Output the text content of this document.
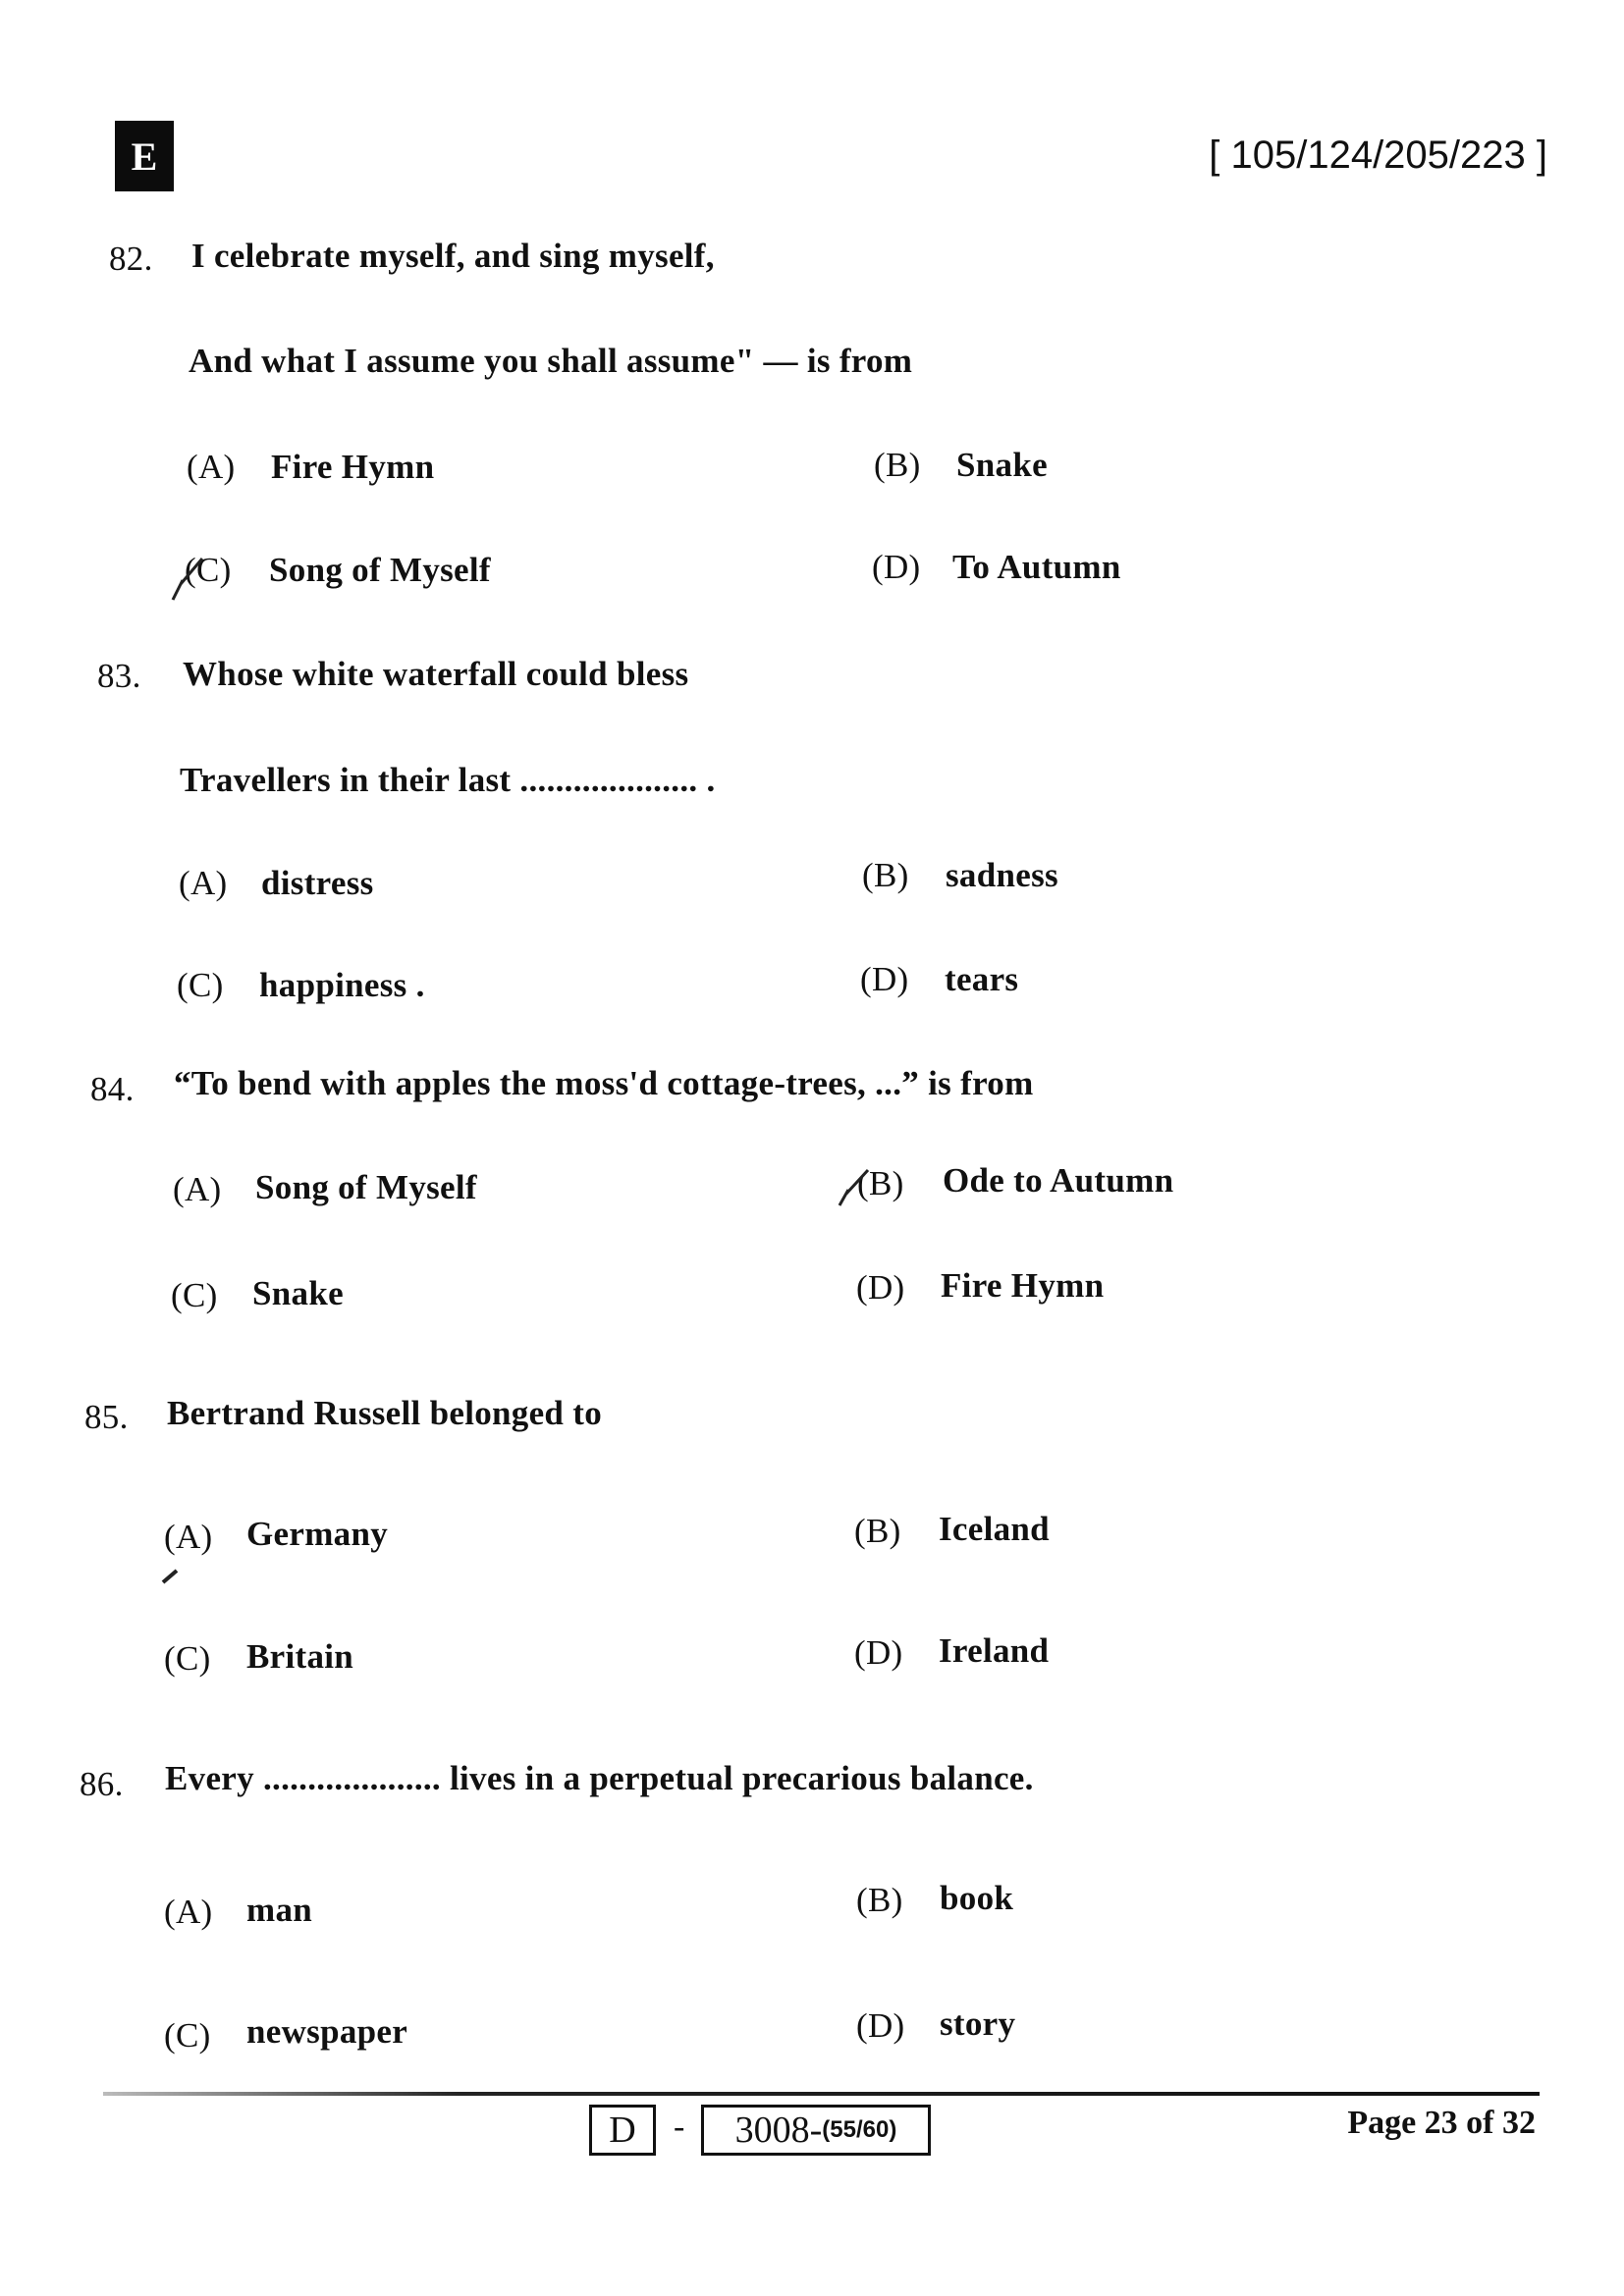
E	[ 105/124/205/223 ]
82. I celebrate myself, and sing myself,
And what I assume you shall assume" — is from
(A) Fire Hymn	(B) Snake
(C) Song of Myself	(D) To Autumn
83. Whose white waterfall could bless
Travellers in their last .................... .
(A) distress	(B) sadness
(C) happiness .	(D) tears
84. “To bend with apples the moss'd cottage-trees, ...” is from
(A) Song of Myself	(B) Ode to Autumn
(C) Snake	(D) Fire Hymn
85. Bertrand Russell belonged to
(A) Germany	(B) Iceland
(C) Britain	(D) Ireland
86. Every .................... lives in a perpetual precarious balance.
(A) man	(B) book
(C) newspaper	(D) story
D	- 3008- (55/60)	Page 23 of 32
